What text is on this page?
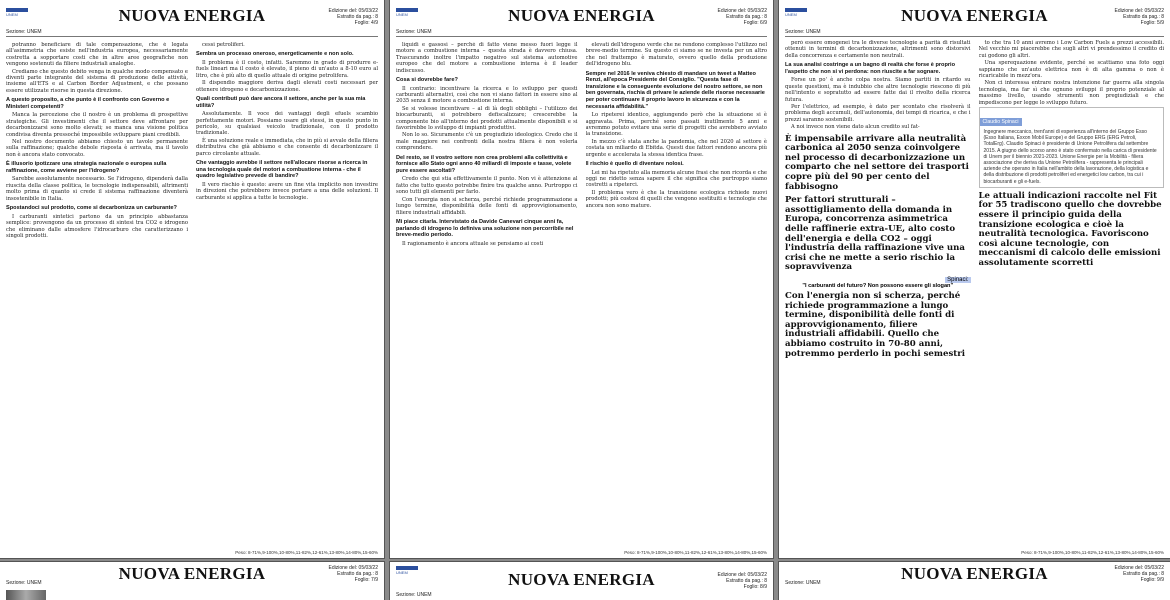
UNEM	NUOVA ENERGIA	Edizione del: 05/03/22
Estratto da pag.: 8
Foglio: 4/9
Sezione: UNEM

potranno beneficiare di tale compensazione, che è legata all'asimmetria che esiste nell'industria europea, necessariamente costretta a sopportare costi che in altre aree geografiche non vengono sostenuti da filiere industriali analoghe.

Crediamo che questo debito venga in qualche modo compensato e diventi parte integrante del sistema di produzione delle attività, insieme all'ETS e al Carbon Border Adjustment, e che possano essere utilizzate risorse in questa direzione.

A questo proposito, a che punto è il confronto con Governo e Ministeri competenti?

Manca la percezione che il nostro è un problema di prospettive strategiche. Gli investimenti che il settore deve affrontare per decarbonizzarsi sono molto elevati; se manca una visione politica condivisa diventa pressoché impossibile sviluppare piani credibili.

Nel nostro documento abbiamo chiesto un tavolo permanente sulla raffinazione; qualche debole risposta è arrivata, ma il tavolo non è ancora stato convocato.

È illusorio ipotizzare una strategia nazionale o europea sulla raffinazione, come avviene per l'idrogeno?

Sarebbe assolutamente necessario. Se l'idrogeno, dipenderà dalla riuscita della classe politica, le tecnologie indispensabili, altrimenti molto prima di quanto si crede il sistema raffinazione diventerà insostenibile in Italia.

Spostandoci sul prodotto, come si decarbonizza un carburante?

I carburanti sintetici partono da un principio abbastanza semplice: provengono da un processo di sintesi tra CO2 e idrogeno che eliminano dalle atmosfere l'idrocarburo che caratterizzano i singoli prodotti.

cessi petroliferi.

Sembra un processo oneroso, energeticamente e non solo.

Il problema è il costo, infatti. Saremmo in grado di produrre e-fuels lineari ma il costo è elevato, il pieno di un'auto a 8-10 euro al litro, che è più alto di quello attuale di origine petrolifera.

Il dispendio maggiore deriva dagli elevati costi necessari per ottenere idrogeno e decarbonizzazione.

Quali contributi può dare ancora il settore, anche per la sua mia utilità?

Assolutamente. Il voce dei vantaggi degli efuels scambio perfettamente motori. Possiamo usare gli stessi, in questo punto in pericolo, su qualsiasi veicolo tradizionale, con il prodotto tradizionale.

È una soluzione reale e immediata, che in più si avvale della filiera distributiva che già abbiamo e che consente di decarbonizzare il parco circolante attuale.

Che vantaggio avrebbe il settore nell'allocare risorse a ricerca in una tecnologia quale del motori a combustione interna - che il quadro legislativo prevede di bandire?

Il vero rischio è questo: avere un fine vita implicito non investire in direzioni che potrebbero invece portare a una delle soluzioni. Il carburante si applica a tutte le tecnologie.

Peso: 8-71%,9-100%,10-80%,11-82%,12-61%,13-80%,14-80%,15-60%
UNEM	NUOVA ENERGIA	Edizione del: 05/03/22
Estratto da pag.: 8
Foglio: 6/9
Sezione: UNEM

liquidi e gassosi – perché di fatto viene messo fuori legge il motore a combustione interna – questa strada è davvero chiusa. Trascurando inoltre l'impatto negativo sul sistema automotive europeo che del motore a combustione interna è il leader indiscusso.

Cosa si dovrebbe fare?

Il contrario: incentivare la ricerca e lo sviluppo per questi carburanti alternativi, così che non vi siano fattori in essere sino al 2035 senza il motore a combustione interna.

Se si volesse incentivare – al di là degli obblighi – l'utilizzo dei biocarburanti, si potrebbero defiscalizzare; crescerebbe la componente bio all'interno dei prodotti attualmente disponibili e si favorirebbe lo sviluppo di impianti produttivi.

Non lo so. Sicuramente c'è un pregiudizio ideologico. Credo che il male maggiore nei confronti della nostra filiera è non volerla comprendere.

Del resto, se il vostro settore non crea problemi alla collettività e fornisce allo Stato ogni anno 40 miliardi di imposte e tasse, volete pure essere ascoltati?

Credo che qui stia effettivamente il punto. Non vi è attenzione al fatto che tutto questo potrebbe finire tra qualche anno. Purtroppo ci sono tutti gli elementi per farlo.

Con l'energia non si scherza, perché richiede programmazione a lungo termine, disponibilità delle fonti di approvvigionamento, filiere industriali affidabili.

Mi piace citarla. Intervistato da Davide Canevari cinque anni fa, parlando di idrogeno lo definiva una soluzione non percorribile nel breve-medio periodo.

Il ragionamento è ancora attuale se pensiamo ai costi

elevati dell'idrogeno verde che ne rendono complesso l'utilizzo nel breve-medio termine. Su questo ci siamo se ne investa per un altro che nel frattempo è maturato, ovvero quello della produzione dell'idrogeno blu.

Sempre nel 2016 le veniva chiesto di mandare un tweet a Matteo Renzi, all'epoca Presidente del Consiglio. "Questa fase di transizione e la conseguente evoluzione del nostro settore, se non ben governata, rischia di privare le aziende delle risorse necessarie per poter continuare il proprio lavoro in sicurezza e con la necessaria affidabilità."

Lo ripeterei identico, aggiungendo però che la situazione si è aggravata. Prima, perché sono passati inutilmente 5 anni e avremmo potuto evitare una serie di progetti che avrebbero avviato la transizione.

In mezzo c'è stata anche la pandemia, che nel 2020 al settore è costata un miliardo di Ebitda. Questi due fattori rendono ancora più urgente e accelerata la stessa identica frase.

Il rischio è quello di diventare nolosi.

Lei mi ha ripetuto alla memoria alcune frasi che non ricorda e che oggi ne ridetto senza sapere il che significa che purtroppo siamo costretti a ripeterci.

Il problema vero è che la transizione ecologica richiede nuovi prodotti; più costosi di quelli che vengono sostituiti e tecnologie che ancora non sono mature.

Peso: 8-71%,9-100%,10-80%,11-82%,12-61%,13-80%,14-80%,15-60%
UNEM	NUOVA ENERGIA	Edizione del: 05/03/22
Estratto da pag.: 8
Foglio: 5/9
Sezione: UNEM

però essere omogenei tra le diverse tecnologie a parità di risultati ottenuti in termini di decarbonizzazione, altrimenti sono distorsivi della concorrenza e certamente non neutrali.

La sua analisi costringe a un bagno di realtà che forse è proprio l'aspetto che non si vi perdona: non riuscite a far sognare.

Forse un po' è anche colpa nostra. Siamo partiti in ritardo su queste questioni, ma è indubbio che altre tecnologie riescono di più nell'intento e sopratutto ad essere fatte dai il rivolto della ricerca futura.

Per l'elettrico, ad esempio, è dato per scontato che risolverà il problema degli accumuli, dell'autonomia, dei tempi di ricarica, e che i prezzi saranno sostenibili.

A noi invece non viene dato alcun credito sul fat-

È impensabile arrivare alla neutralità carbonica al 2050 senza coinvolgere nel processo di decarbonizzazione un comparto che nel settore dei trasporti copre più del 90 per cento del fabbisogno
Per fattori strutturali – assottigliamento della domanda in Europa, concorrenza asimmetrica delle raffinerie extra-UE, alto costo dell'energia e della CO2 – oggi l'industria della raffinazione vive una crisi che ne mette a serio rischio la sopravvivenza
Spinaci:
"I carburanti del futuro? Non possono essere gli slogan"
Con l'energia non si scherza, perché richiede programmazione a lungo termine, disponibilità delle fonti di approvvigionamento, filiere industriali affidabili. Quello che abbiamo costruito in 70-80 anni, potremmo perderlo in pochi semestri

to che tra 10 anni avremo i Low Carbon Fuels a prezzi accessibili. Nel vecchio mi piacerebbe che sugli altri vi prendessimo il credito di cui godono gli altri.

Una sperequazione evidente, perché se scattiamo una foto oggi sappiamo che un'auto elettrica non è di alta gamma o non è ricaricabile in mezz'ora.

Non ci interessa entrare nostra intenzione far guerra alla singola tecnologia, ma far sì che ognuno sviluppi il proprio potenziale al massimo livello, usando strumenti non pregiudiziali e che impediscono per legge lo sviluppo futuro.

Claudio Spinaci
Ingegnere meccanico, trent'anni di esperienza all'interno del Gruppo Esso (Esso Italiana, Exxon Mobil Europe) e del Gruppo ERG (ERG Petroli, TotalErg). Claudio Spinaci è presidente di Unione Petrolifera dal settembre 2015. A giugno dello scorso anno è stato confermato nella carica di presidente di Unem per il biennio 2021-2023. Unione Energie per la Mobilità - filiera associazione che deriva da Unione Petrolifera - rappresenta le principali aziende che operano in Italia nell'ambito della lavorazione, della logistica e della distribuzione di prodotti petroliferi ed energetici low carbon, tra cui i biocarburanti e gli e-fuels.
Le attuali indicazioni raccolte nel Fit for 55 tradiscono quello che dovrebbe essere il principio guida della transizione ecologica e cioè la neutralità tecnologica. Favoriscono così alcune tecnologie, con meccanismi di calcolo delle emissioni assolutamente scorretti
Peso: 8-71%,9-100%,10-80%,11-82%,12-61%,13-80%,14-80%,15-60%
NUOVA ENERGIA	Edizione del: 05/03/22
Estratto da pag.: 8
Foglio: 7/9
Sezione: UNEM
UNEM	NUOVA ENERGIA	Edizione del: 05/03/22
Estratto da pag.: 8
Foglio: 8/9
Sezione: UNEM
NUOVA ENERGIA	Edizione del: 05/03/22
Estratto da pag.: 8
Foglio: 9/9
Sezione: UNEM
